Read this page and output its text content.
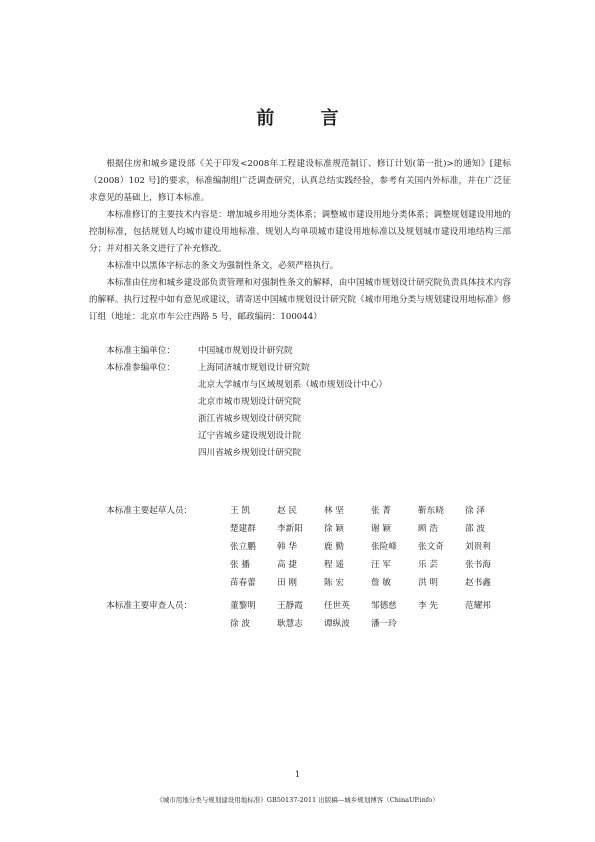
前 言

根据住房和城乡建设部《关于印发<2008年工程建设标准规范制订、修订计划(第一批)>的通知》[建标（2008）102 号]的要求，标准编制组广泛调查研究，认真总结实践经验，参考有关国内外标准，并在广泛征求意见的基础上，修订本标准。

本标准修订的主要技术内容是：增加城乡用地分类体系；调整城市建设用地分类体系；调整规划建设用地的控制标准，包括规划人均城市建设用地标准、规划人均单项城市建设用地标准以及规划城市建设用地结构三部分；并对相关条文进行了补充修改。

本标准中以黑体字标志的条文为强制性条文，必须严格执行。

本标准由住房和城乡建设部负责管理和对强制性条文的解释，由中国城市规划设计研究院负责具体技术内容的解释。执行过程中如有意见或建议，请寄送中国城市规划设计研究院《城市用地分类与规划建设用地标准》修订组（地址：北京市车公庄西路 5 号，邮政编码：100044）

本标准主编单位：	中国城市规划设计研究院
本标准参编单位：	上海同济城市规划设计研究院
北京大学城市与区域规划系（城市规划设计中心）
北京市城市规划设计研究院
浙江省城乡规划设计研究院
辽宁省城乡建设规划设计院
四川省城乡规划设计研究院
本标准主要起草人员：	王 凯	赵 民	林 坚	张 菁	靳东晓	徐 泽
楚建群	李新阳	徐 颖	谢 颖	顾 浩	邵 波
张立鹏	韩 华	鹿 勤	张险峰	张文奇	刘贵利
张 播	高 捷	程 遥	汪 军	乐 芸	张书海
苗春蕾	田 刚	陈 宏	詹 敏	洪 明	赵书鑫
本标准主要审查人员：	董黎明	王静霞	任世英	邹德慈	李 先	范耀邦
徐 波	耿慧志	谭纵波	潘一玲
1
《城市用地分类与规划建设用地标准》GB50137-2011 出版稿—城乡规划博客（ChinaUP.info）
